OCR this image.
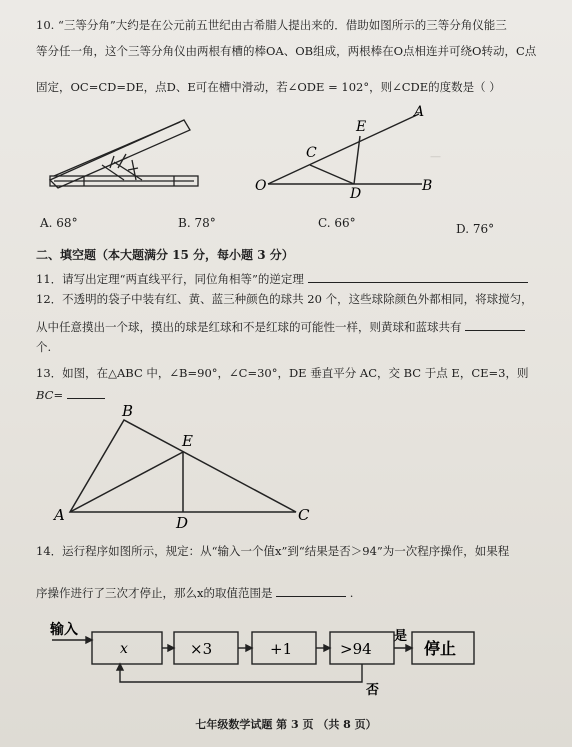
—

10. “三等分角”大约是在公元前五世纪由古希腊人提出来的．借助如图所示的三等分角仪能三

等分任一角，这个三等分角仪由两根有槽的棒OA、OB组成，两根棒在O点相连并可绕O转动，C点

固定，OC=CD=DE，点D、E可在槽中滑动，若∠ODE = 102°，则∠CDE的度数是（ ）

A
E
C
O	D	B
A. 68°	B. 78°	C. 66°	D. 76°
二、填空题（本大题满分 15 分，每小题 3 分）

11．请写出定理“两直线平行，同位角相等”的逆定理

12．不透明的袋子中装有红、黄、蓝三种颜色的球共 20 个，这些球除颜色外都相同，将球搅匀，

从中任意摸出一个球，摸出的球是红球和不是红球的可能性一样，则黄球和蓝球共有

个.

13．如图，在△ABC 中，∠B=90°，∠C=30°，DE 垂直平分 AC，交 BC 于点 E，CE=3，则

BC=

B
E
A	D	C

14．运行程序如图所示，规定：从“输入一个值x”到“结果是否＞94”为一次程序操作，如果程

序操作进行了三次才停止，那么x的取值范围是	.

输入
x	×3	+1	>94
是
否
停止
七年级数学试题 第 3 页 （共 8 页）
